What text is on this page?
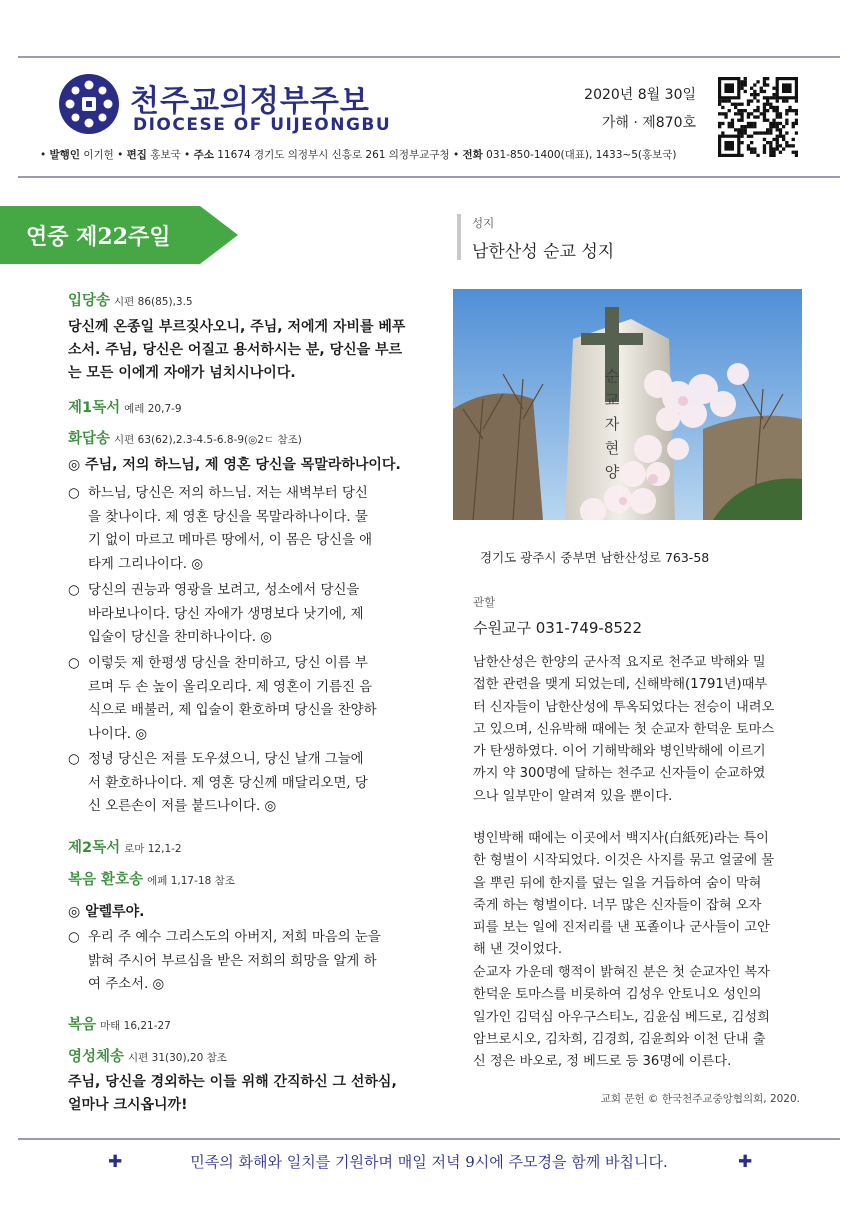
천주교의정부주보
DIOCESE OF UIJEONGBU
2020년 8월 30일
가해 · 제870호
• 발행인 이기헌 • 편집 홍보국 • 주소 11674 경기도 의정부시 신흥로 261 의정부교구청 • 전화 031-850-1400(대표), 1433~5(홍보국)
연중 제22주일
입당송 시편 86(85),3.5
당신께 온종일 부르짖사오니, 주님, 저에게 자비를 베푸
소서. 주님, 당신은 어질고 용서하시는 분, 당신을 부르
는 모든 이에게 자애가 넘치시나이다.
제1독서 예레 20,7-9
화답송 시편 63(62),2.3-4.5-6.8-9(◎2ㄷ 참조)
◎ 주님, 저의 하느님, 제 영혼 당신을 목말라하나이다.
○ 하느님, 당신은 저의 하느님. 저는 새벽부터 당신
을 찾나이다. 제 영혼 당신을 목말라하나이다. 물
기 없이 마르고 메마른 땅에서, 이 몸은 당신을 애
타게 그리나이다. ◎
○ 당신의 권능과 영광을 보려고, 성소에서 당신을
바라보나이다. 당신 자애가 생명보다 낫기에, 제
입술이 당신을 찬미하나이다. ◎
○ 이렇듯 제 한평생 당신을 찬미하고, 당신 이름 부
르며 두 손 높이 올리오리다. 제 영혼이 기름진 음
식으로 배불러, 제 입술이 환호하며 당신을 찬양하
나이다. ◎
○ 정녕 당신은 저를 도우셨으니, 당신 날개 그늘에
서 환호하나이다. 제 영혼 당신께 매달리오면, 당
신 오른손이 저를 붙드나이다. ◎
제2독서 로마 12,1-2
복음 환호송 에페 1,17-18 참조
◎ 알렐루야.
○ 우리 주 예수 그리스도의 아버지, 저희 마음의 눈을
밝혀 주시어 부르심을 받은 저희의 희망을 알게 하
여 주소서. ◎
복음 마태 16,21-27
영성체송 시편 31(30),20 참조
주님, 당신을 경외하는 이들 위해 간직하신 그 선하심,
얼마나 크시옵니까!
성지
남한산성 순교 성지
순
교
자
현
양
경기도 광주시 중부면 남한산성로 763-58
관할
수원교구 031-749-8522
남한산성은 한양의 군사적 요지로 천주교 박해와 밀
접한 관련을 맺게 되었는데, 신해박해(1791년)때부
터 신자들이 남한산성에 투옥되었다는 전승이 내려오
고 있으며, 신유박해 때에는 첫 순교자 한덕운 토마스
가 탄생하였다. 이어 기해박해와 병인박해에 이르기
까지 약 300명에 달하는 천주교 신자들이 순교하였
으나 일부만이 알려져 있을 뿐이다.
병인박해 때에는 이곳에서 백지사(白紙死)라는 특이
한 형벌이 시작되었다. 이것은 사지를 묶고 얼굴에 물
을 뿌린 뒤에 한지를 덮는 일을 거듭하여 숨이 막혀
죽게 하는 형벌이다. 너무 많은 신자들이 잡혀 오자
피를 보는 일에 진저리를 낸 포졸이나 군사들이 고안
해 낸 것이었다.
순교자 가운데 행적이 밝혀진 분은 첫 순교자인 복자
한덕운 토마스를 비롯하여 김성우 안토니오 성인의
일가인 김덕심 아우구스티노, 김윤심 베드로, 김성희
암브로시오, 김차희, 김경희, 김윤희와 이천 단내 출
신 정은 바오로, 정 베드로 등 36명에 이른다.
교회 문헌 © 한국천주교중앙협의회, 2020.
✚	민족의 화해와 일치를 기원하며 매일 저녁 9시에 주모경을 함께 바칩니다.	✚
